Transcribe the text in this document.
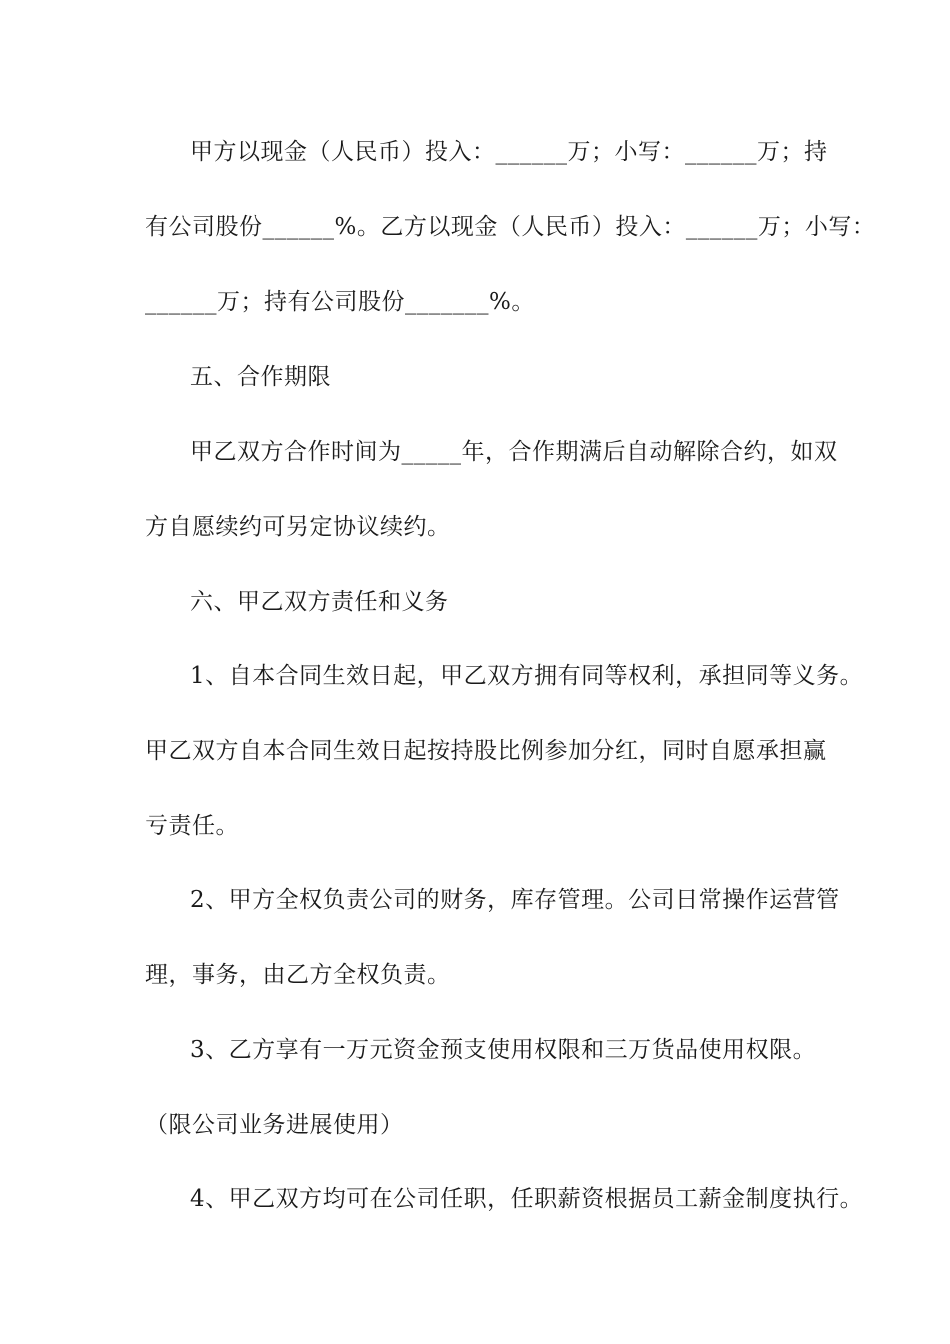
甲方以现金（人民币）投入：______万；小写：______万；持
有公司股份______%。乙方以现金（人民币）投入：______万；小写：
______万；持有公司股份_______%。
五、合作期限
甲乙双方合作时间为_____年，合作期满后自动解除合约，如双
方自愿续约可另定协议续约。
六、甲乙双方责任和义务
1、自本合同生效日起，甲乙双方拥有同等权利，承担同等义务。
甲乙双方自本合同生效日起按持股比例参加分红，同时自愿承担赢
亏责任。
2、甲方全权负责公司的财务，库存管理。公司日常操作运营管
理，事务，由乙方全权负责。
3、乙方享有一万元资金预支使用权限和三万货品使用权限。
（限公司业务进展使用）
4、甲乙双方均可在公司任职，任职薪资根据员工薪金制度执行。
